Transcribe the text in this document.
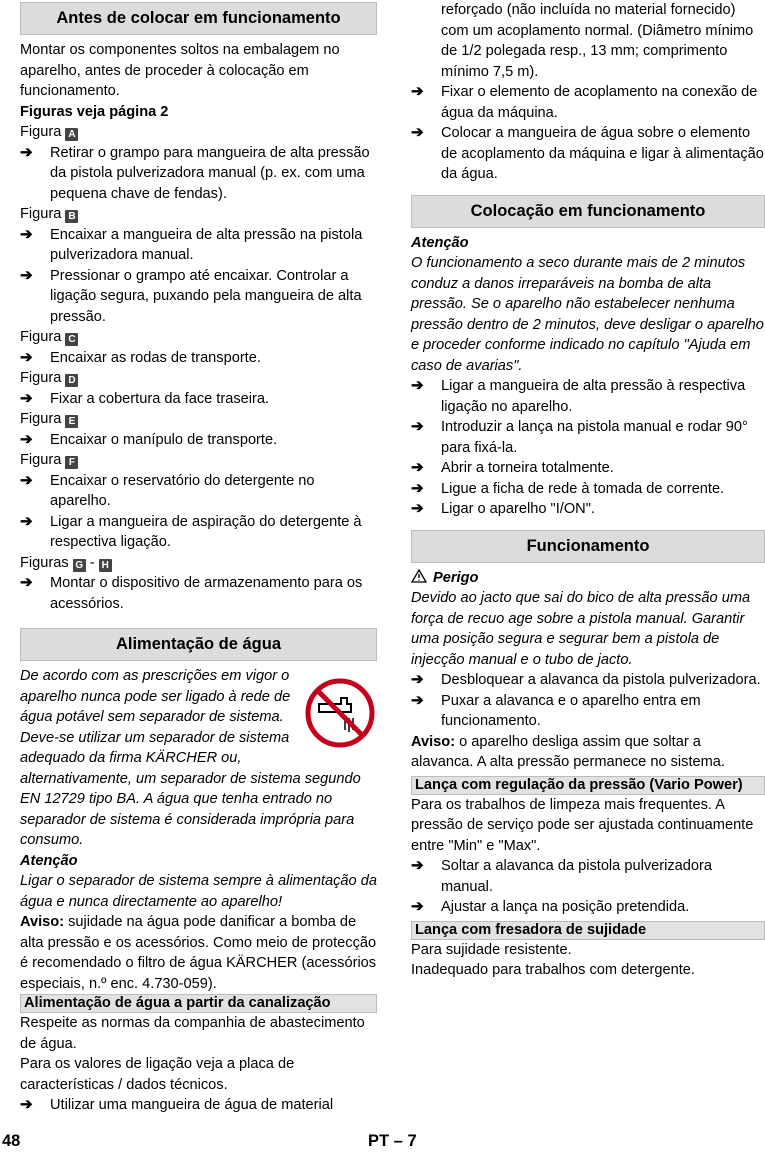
Antes de colocar em funcionamento

Montar os componentes soltos na embalagem no aparelho, antes de proceder à colocação em funcionamento.

Figuras veja página 2

Figura A

➔ Retirar o grampo para mangueira de alta pressão da pistola pulverizadora manual (p. ex. com uma pequena chave de fendas).

Figura B

➔ Encaixar a mangueira de alta pressão na pistola pulverizadora manual.
➔ Pressionar o grampo até encaixar. Controlar a ligação segura, puxando pela mangueira de alta pressão.

Figura C

➔ Encaixar as rodas de transporte.

Figura D

➔ Fixar a cobertura da face traseira.

Figura E

➔ Encaixar o manípulo de transporte.

Figura F

➔ Encaixar o reservatório do detergente no aparelho.
➔ Ligar a mangueira de aspiração do detergente à respectiva ligação.

Figuras G - H

➔ Montar o dispositivo de armazenamento para os acessórios.
Alimentação de água

De acordo com as prescrições em vigor o aparelho nunca pode ser ligado à rede de água potável sem separador de sistema. Deve-se utilizar um separador de sistema adequado da firma KÄRCHER ou, alternativamente, um separador de sistema segundo EN 12729 tipo BA. A água que tenha entrado no separador de sistema é considerada imprópria para consumo.

Atenção

Ligar o separador de sistema sempre à alimentação da água e nunca directamente ao aparelho!

Aviso: sujidade na água pode danificar a bomba de alta pressão e os acessórios. Como meio de protecção é recomendado o filtro de água KÄRCHER (acessórios especiais, n.º enc. 4.730-059).

Alimentação de água a partir da canalização

Respeite as normas da companhia de abastecimento de água.

Para os valores de ligação veja a placa de características / dados técnicos.

➔ Utilizar uma mangueira de água de material

reforçado (não incluída no material fornecido) com um acoplamento normal. (Diâmetro mínimo de 1/2 polegada resp., 13 mm; comprimento mínimo 7,5 m).

➔ Fixar o elemento de acoplamento na conexão de água da máquina.
➔ Colocar a mangueira de água sobre o elemento de acoplamento da máquina e ligar à alimentação da água.
Colocação em funcionamento

Atenção

O funcionamento a seco durante mais de 2 minutos conduz a danos irreparáveis na bomba de alta pressão. Se o aparelho não estabelecer nenhuma pressão dentro de 2 minutos, deve desligar o aparelho e proceder conforme indicado no capítulo "Ajuda em caso de avarias".

➔ Ligar a mangueira de alta pressão à respectiva ligação no aparelho.
➔ Introduzir a lança na pistola manual e rodar 90° para fixá-la.
➔ Abrir a torneira totalmente.
➔ Ligue a ficha de rede à tomada de corrente.
➔ Ligar o aparelho "I/ON".
Funcionamento

Perigo

Devido ao jacto que sai do bico de alta pressão uma força de recuo age sobre a pistola manual. Garantir uma posição segura e segurar bem a pistola de injecção manual e o tubo de jacto.

➔ Desbloquear a alavanca da pistola pulverizadora.
➔ Puxar a alavanca e o aparelho entra em funcionamento.

Aviso: o aparelho desliga assim que soltar a alavanca. A alta pressão permanece no sistema.

Lança com regulação da pressão (Vario Power)

Para os trabalhos de limpeza mais frequentes. A pressão de serviço pode ser ajustada continuamente entre "Min" e "Max".

➔ Soltar a alavanca da pistola pulverizadora manual.
➔ Ajustar a lança na posição pretendida.
Lança com fresadora de sujidade

Para sujidade resistente.

Inadequado para trabalhos com detergente.

48	PT – 7
